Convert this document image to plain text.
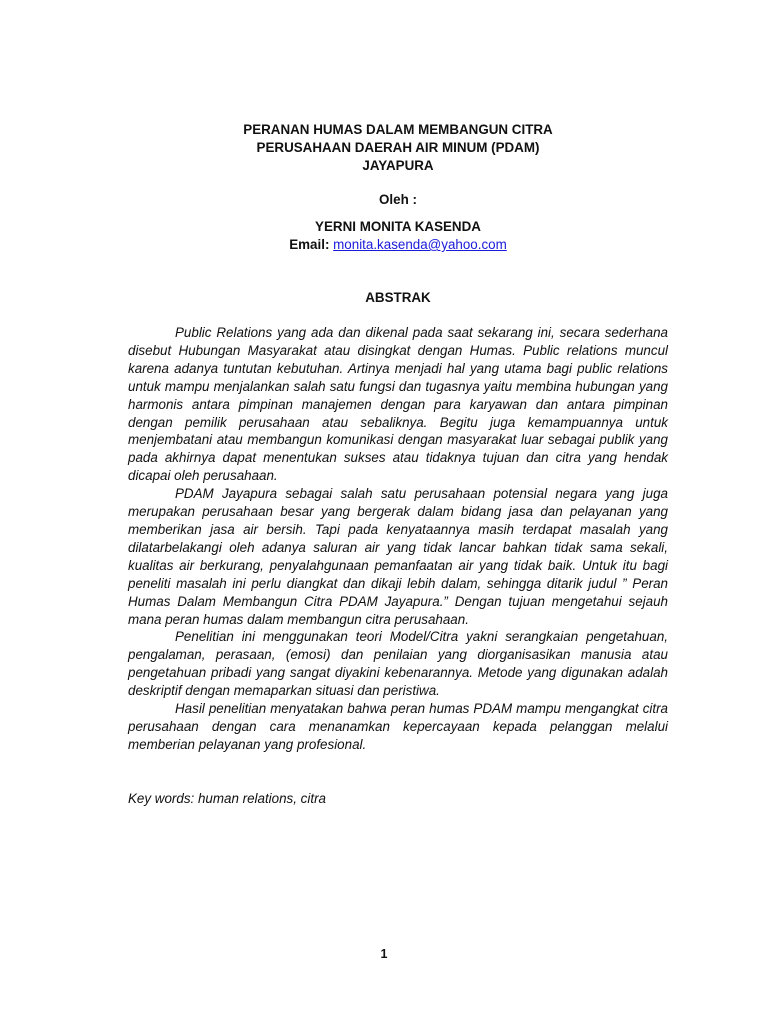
PERANAN HUMAS DALAM MEMBANGUN CITRA
PERUSAHAAN DAERAH AIR MINUM (PDAM)
JAYAPURA
Oleh :
YERNI MONITA KASENDA
Email: monita.kasenda@yahoo.com
ABSTRAK

Public Relations yang ada dan dikenal pada saat sekarang ini, secara sederhana disebut Hubungan Masyarakat atau disingkat dengan Humas. Public relations muncul karena adanya tuntutan kebutuhan. Artinya menjadi hal yang utama bagi public relations untuk mampu menjalankan salah satu fungsi dan tugasnya yaitu membina hubungan yang harmonis antara pimpinan manajemen dengan para karyawan dan antara pimpinan dengan pemilik perusahaan atau sebaliknya. Begitu juga kemampuannya untuk menjembatani atau membangun komunikasi dengan masyarakat luar sebagai publik yang pada akhirnya dapat menentukan sukses atau tidaknya tujuan dan citra yang hendak dicapai oleh perusahaan.

PDAM Jayapura sebagai salah satu perusahaan potensial negara yang juga merupakan perusahaan besar yang bergerak dalam bidang jasa dan pelayanan yang memberikan jasa air bersih. Tapi pada kenyataannya masih terdapat masalah yang dilatarbelakangi oleh adanya saluran air yang tidak lancar bahkan tidak sama sekali, kualitas air berkurang, penyalahgunaan pemanfaatan air yang tidak baik. Untuk itu bagi peneliti masalah ini perlu diangkat dan dikaji lebih dalam, sehingga ditarik judul ” Peran Humas Dalam Membangun Citra PDAM Jayapura.” Dengan tujuan mengetahui sejauh mana peran humas dalam membangun citra perusahaan.

Penelitian ini menggunakan teori Model/Citra yakni serangkaian pengetahuan, pengalaman, perasaan, (emosi) dan penilaian yang diorganisasikan manusia atau pengetahuan pribadi yang sangat diyakini kebenarannya. Metode yang digunakan adalah deskriptif dengan memaparkan situasi dan peristiwa.

Hasil penelitian menyatakan bahwa peran humas PDAM mampu mengangkat citra perusahaan dengan cara menanamkan kepercayaan kepada pelanggan melalui memberian pelayanan yang profesional.

Key words: human relations, citra
1
